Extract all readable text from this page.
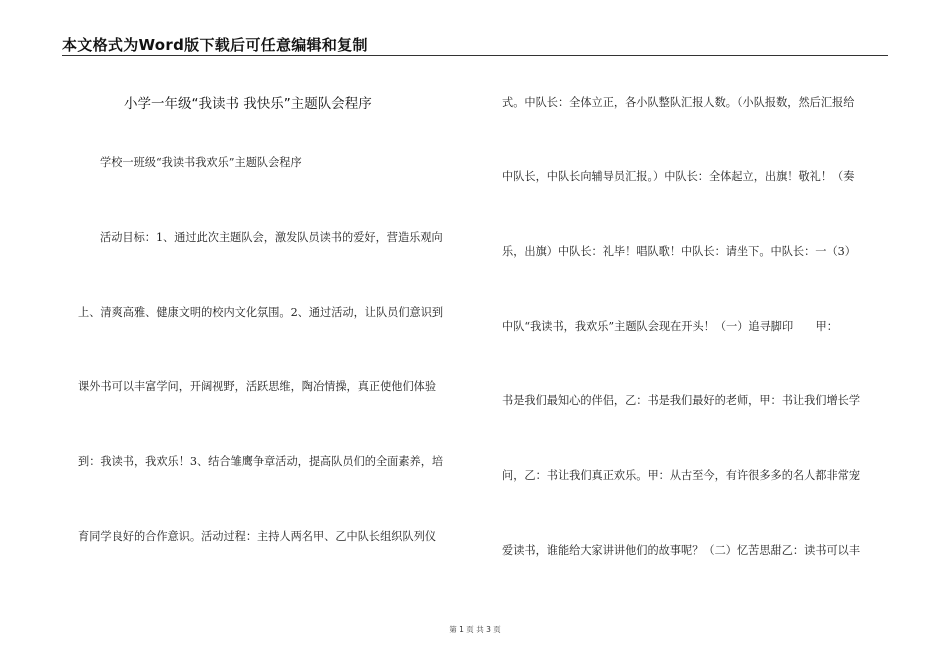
本文格式为Word版下载后可任意编辑和复制
小学一年级“我读书 我快乐”主题队会程序
学校一班级“我读书我欢乐”主题队会程序
活动目标：1、通过此次主题队会，激发队员读书的爱好，营造乐观向
上、清爽高雅、健康文明的校内文化氛围。2、通过活动，让队员们意识到
课外书可以丰富学问，开阔视野，活跃思维，陶冶情操，真正使他们体验
到：我读书，我欢乐！3、结合雏鹰争章活动，提高队员们的全面素养，培
育同学良好的合作意识。活动过程：主持人两名甲、乙中队长组织队列仪
式。中队长：全体立正，各小队整队汇报人数。（小队报数，然后汇报给
中队长，中队长向辅导员汇报。）中队长：全体起立，出旗！敬礼！（奏
乐，出旗）中队长：礼毕！唱队歌！中队长：请坐下。中队长：一（3）
中队“我读书，我欢乐”主题队会现在开头！（一）追寻脚印　　甲：
书是我们最知心的伴侣，乙：书是我们最好的老师，甲：书让我们增长学
问，乙：书让我们真正欢乐。甲：从古至今，有许很多多的名人都非常宠
爱读书，谁能给大家讲讲他们的故事呢？（二）忆苦思甜乙：读书可以丰
第 1 页 共 3 页
